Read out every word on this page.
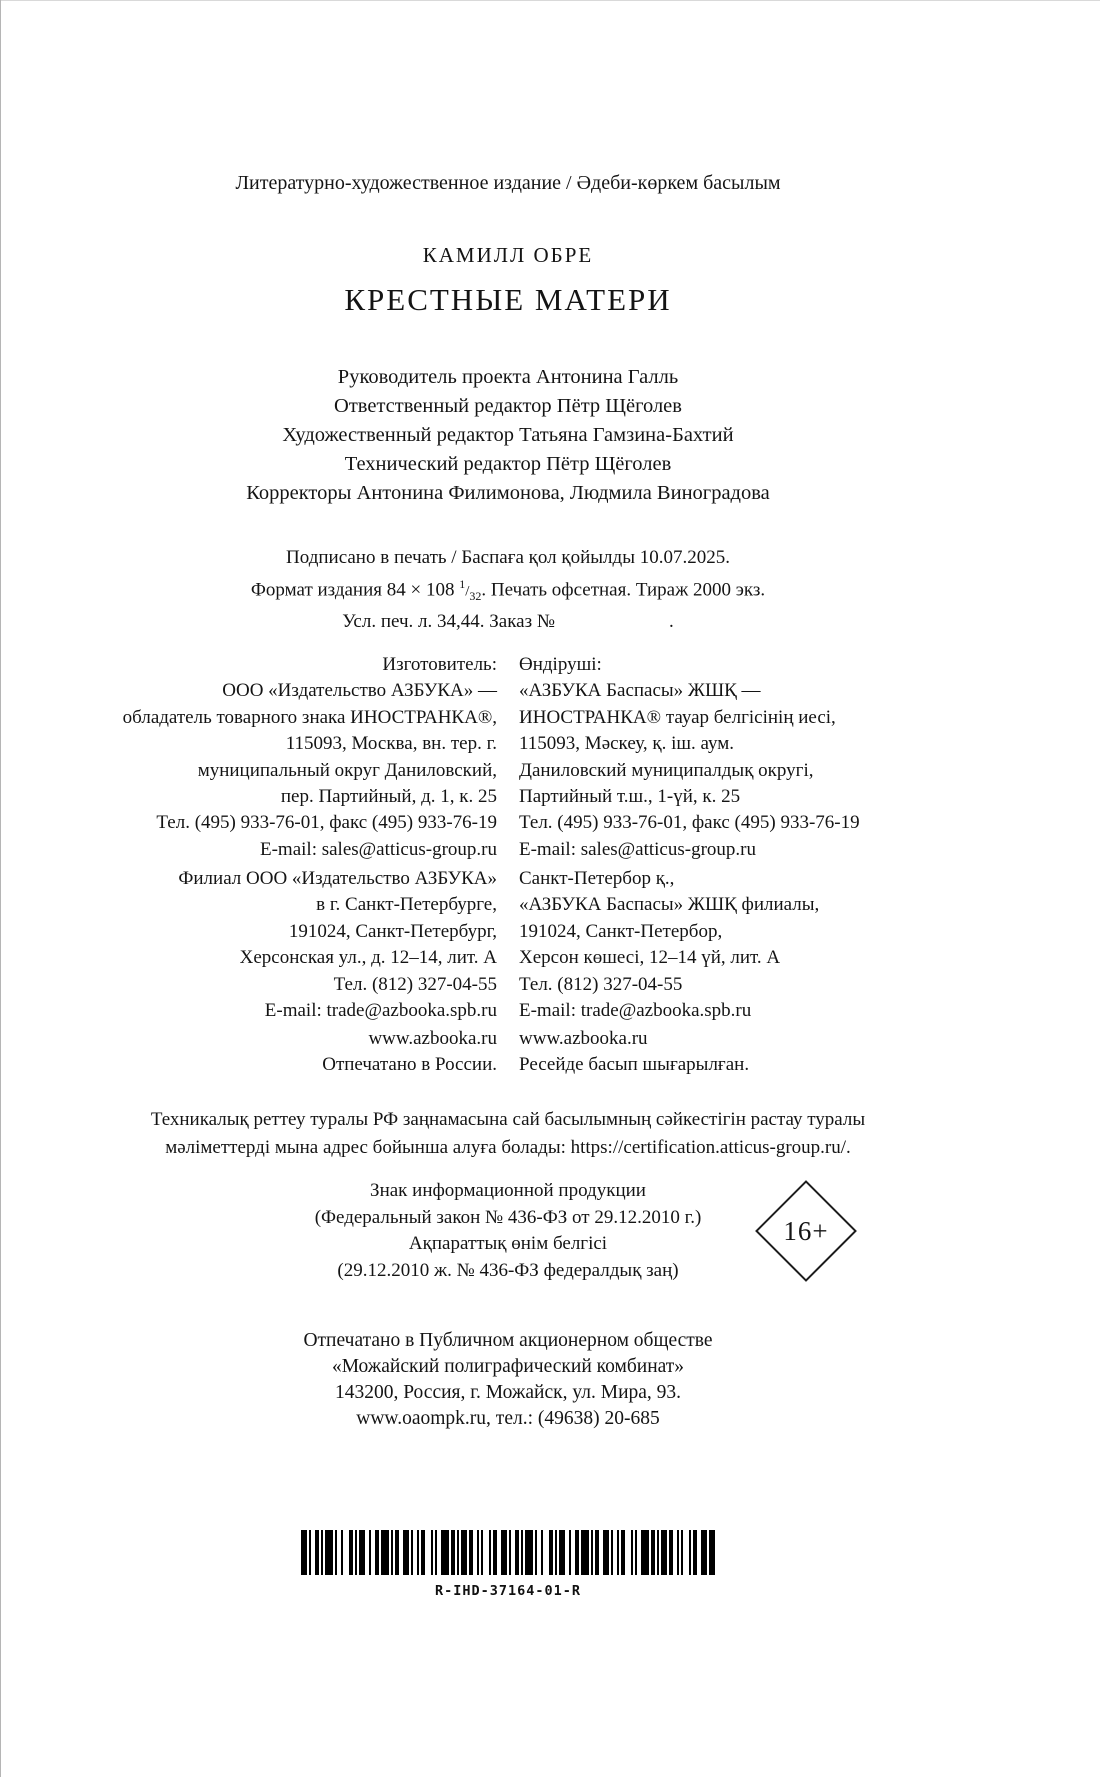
Литературно-художественное издание / Әдеби-көркем басылым
КАМИЛЛ ОБРЕ
КРЕСТНЫЕ МАТЕРИ
Руководитель проекта Антонина Галль
Ответственный редактор Пётр Щёголев
Художественный редактор Татьяна Гамзина-Бахтий
Технический редактор Пётр Щёголев
Корректоры Антонина Филимонова, Людмила Виноградова
Подписано в печать / Баспаға қол қойылды 10.07.2025.
Формат издания 84 × 108 $^1/_{32}$. Печать офсетная. Тираж 2000 экз.
Усл. печ. л. 34,44. Заказ №                        .
Изготовитель:
ООО «Издательство АЗБУКА» —
обладатель товарного знака ИНОСТРАНКА®,
115093, Москва, вн. тер. г.
муниципальный округ Даниловский,
пер. Партийный, д. 1, к. 25
Тел. (495) 933-76-01, факс (495) 933-76-19
E-mail: sales@atticus-group.ru
Өндіруші:
«АЗБУКА Баспасы» ЖШҚ —
ИНОСТРАНКА® тауар белгісінің иесі,
115093, Мәскеу, қ. іш. аум.
Даниловский муниципалдық округі,
Партийный т.ш., 1-үй, к. 25
Тел. (495) 933-76-01, факс (495) 933-76-19
E-mail: sales@atticus-group.ru
Филиал ООО «Издательство АЗБУКА»
в г. Санкт-Петербурге,
191024, Санкт-Петербург,
Херсонская ул., д. 12–14, лит. А
Тел. (812) 327-04-55
E-mail: trade@azbooka.spb.ru
Санкт-Петербор қ.,
«АЗБУКА Баспасы» ЖШҚ филиалы,
191024, Санкт-Петербор,
Херсон көшесі, 12–14 үй, лит. А
Тел. (812) 327-04-55
E-mail: trade@azbooka.spb.ru
www.azbooka.ru
Отпечатано в России.
www.azbooka.ru
Ресейде басып шығарылған.
Техникалық реттеу туралы РФ заңнамасына сай басылымның сәйкестігін растау туралы
мәліметтерді мына адрес бойынша алуға болады: https://certification.atticus-group.ru/.
Знак информационной продукции
(Федеральный закон № 436-ФЗ от 29.12.2010 г.)
Ақпараттық өнім белгісі
(29.12.2010 ж. № 436-ФЗ федералдық заң)
16+
Отпечатано в Публичном акционерном обществе
«Можайский полиграфический комбинат»
143200, Россия, г. Можайск, ул. Мира, 93.
www.oaompk.ru, тел.: (49638) 20-685
R-IHD-37164-01-R
